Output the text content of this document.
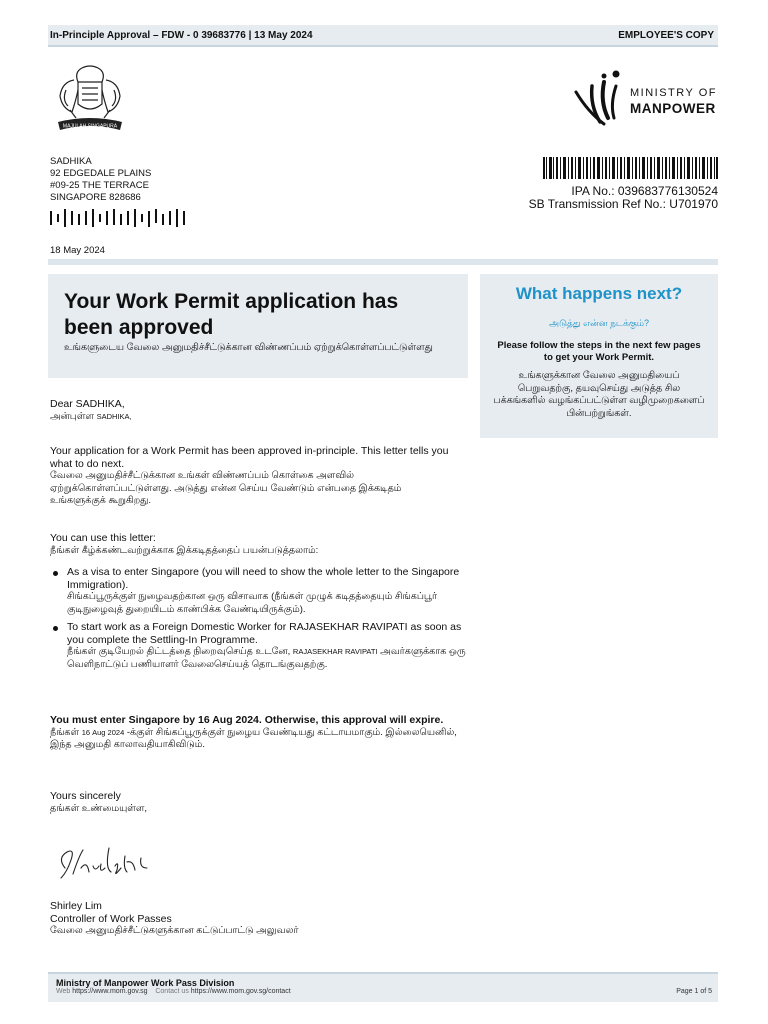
In-Principle Approval – FDW - 0 39683776 | 13 May 2024	EMPLOYEE'S COPY
MAJULAH SINGAPURA
MINISTRY OF
MANPOWER
SADHIKA
92 EDGEDALE PLAINS
#09-25 THE TERRACE
SINGAPORE 828686
18 May 2024
IPA No.: 039683776130524
SB Transmission Ref No.: U701970
Your Work Permit application has been approved
உங்களுடைய வேலை அனுமதிச்சீட்டுக்கான விண்ணப்பம் ஏற்றுக்கொள்ளப்பட்டுள்ளது
What happens next?
அடுத்து என்ன நடக்கும்?
Please follow the steps in the next few pages to get your Work Permit.
உங்களுக்கான வேலை அனுமதியைப் பெறுவதற்கு, தயவுசெய்து அடுத்த சில பக்கங்களில் வழங்கப்பட்டுள்ள வழிமுறைகளைப் பின்பற்றுங்கள்.
Dear SADHIKA,
அன்புள்ள SADHIKA,
Your application for a Work Permit has been approved in-principle. This letter tells you what to do next.
வேலை அனுமதிச்சீட்டுக்கான உங்கள் விண்ணப்பம் கொள்கை அளவில் ஏற்றுக்கொள்ளப்பட்டுள்ளது. அடுத்து என்ன செய்ய வேண்டும் என்பதை இக்கடிதம் உங்களுக்குக் கூறுகிறது.
You can use this letter:
நீங்கள் கீழ்க்கண்டவற்றுக்காக இக்கடிதத்தைப் பயன்படுத்தலாம்:
As a visa to enter Singapore (you will need to show the whole letter to the Singapore Immigration).
சிங்கப்பூருக்குள் நுழைவதற்கான ஒரு விசாவாக (நீங்கள் முழுக் கடிதத்தையும் சிங்கப்பூர் குடிநுழைவுத் துறையிடம் காண்பிக்க வேண்டியிருக்கும்).
To start work as a Foreign Domestic Worker for RAJASEKHAR RAVIPATI as soon as you complete the Settling-In Programme.
நீங்கள் குடியேறல் திட்டத்தை நிறைவுசெய்த உடனே, RAJASEKHAR RAVIPATI அவர்களுக்காக ஒரு வெளிநாட்டுப் பணியாளர் வேலைசெய்யத் தொடங்குவதற்கு.
You must enter Singapore by 16 Aug 2024. Otherwise, this approval will expire.
நீங்கள் 16 Aug 2024 -க்குள் சிங்கப்பூருக்குள் நுழைய வேண்டியது கட்டாயமாகும். இல்லையெனில், இந்த அனுமதி காலாவதியாகிவிடும்.
Yours sincerely
தங்கள் உண்மையுள்ள,
Shirley Lim
Controller of Work Passes
வேலை அனுமதிச்சீட்டுகளுக்கான கட்டுப்பாட்டு அலுவலர்
Ministry of Manpower Work Pass Division
Web https://www.mom.gov.sg Contact us https://www.mom.gov.sg/contact	Page 1 of 5
